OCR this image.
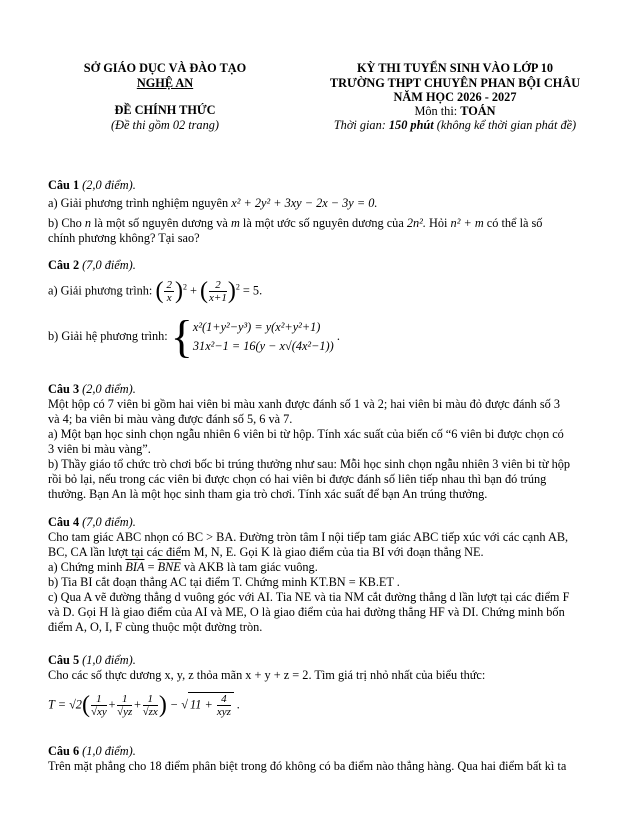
SỞ GIÁO DỤC VÀ ĐÀO TẠO
NGHỆ AN
ĐỀ CHÍNH THỨC
(Đề thi gồm 02 trang)
KỲ THI TUYỂN SINH VÀO LỚP 10
TRƯỜNG THPT CHUYÊN PHAN BỘI CHÂU
NĂM HỌC 2026 - 2027
Môn thi: TOÁN
Thời gian: 150 phút (không kể thời gian phát đề)
Câu 1 (2,0 điểm).
a) Giải phương trình nghiệm nguyên x² + 2y² + 3xy − 2x − 3y = 0.
b) Cho n là một số nguyên dương và m là một ước số nguyên dương của 2n². Hỏi n² + m có thể là số
chính phương không? Tại sao?
Câu 2 (7,0 điểm).
a) Giải phương trình: ( $\frac{2}{x} )^2$ + ( $\frac{2}{x+1} )^2 = 5$.
b) Giải hệ phương trình: { x²(1+y²−y³) = y(x²+y²+1)
31x²−1 = 16(y − x√(4x²−1))
.
Câu 3 (2,0 điểm).
Một hộp có 7 viên bi gồm hai viên bi màu xanh được đánh số 1 và 2; hai viên bi màu đỏ được đánh số 3
và 4; ba viên bi màu vàng được đánh số 5, 6 và 7.
a) Một bạn học sinh chọn ngẫu nhiên 6 viên bi từ hộp. Tính xác suất của biến cố “6 viên bi được chọn có
3 viên bi màu vàng”.
b) Thầy giáo tổ chức trò chơi bốc bi trúng thưởng như sau: Mỗi học sinh chọn ngẫu nhiên 3 viên bi từ hộp
rồi bỏ lại, nếu trong các viên bi được chọn có hai viên bi được đánh số liên tiếp nhau thì bạn đó trúng
thưởng. Bạn An là một học sinh tham gia trò chơi. Tính xác suất để bạn An trúng thưởng.
Câu 4 (7,0 điểm).
Cho tam giác ABC nhọn có BC > BA. Đường tròn tâm I nội tiếp tam giác ABC tiếp xúc với các cạnh AB,
BC, CA lần lượt tại các điểm M, N, E. Gọi K là giao điểm của tia BI với đoạn thẳng NE.
a) Chứng minh $\overline{BIA} = \overline{BNE}$ và AKB là tam giác vuông.
b) Tia BI cắt đoạn thẳng AC tại điểm T. Chứng minh KT.BN = KB.ET .
c) Qua A vẽ đường thẳng d vuông góc với AI. Tia NE và tia NM cắt đường thẳng d lần lượt tại các điểm F
và D. Gọi H là giao điểm của AI và ME, O là giao điểm của hai đường thẳng HF và DI. Chứng minh bốn
điểm A, O, I, F cùng thuộc một đường tròn.
Câu 5 (1,0 điểm).
Cho các số thực dương x, y, z thỏa mãn x + y + z = 2. Tìm giá trị nhỏ nhất của biểu thức:
$T = √2( \frac{1}{√xy} + \frac{1}{√yz} + \frac{1}{√zx}$ ) − √ $11 + \frac{4}{\text{xyz}}$ .
Câu 6 (1,0 điểm).
Trên mặt phẳng cho 18 điểm phân biệt trong đó không có ba điểm nào thẳng hàng. Qua hai điểm bất kì ta
